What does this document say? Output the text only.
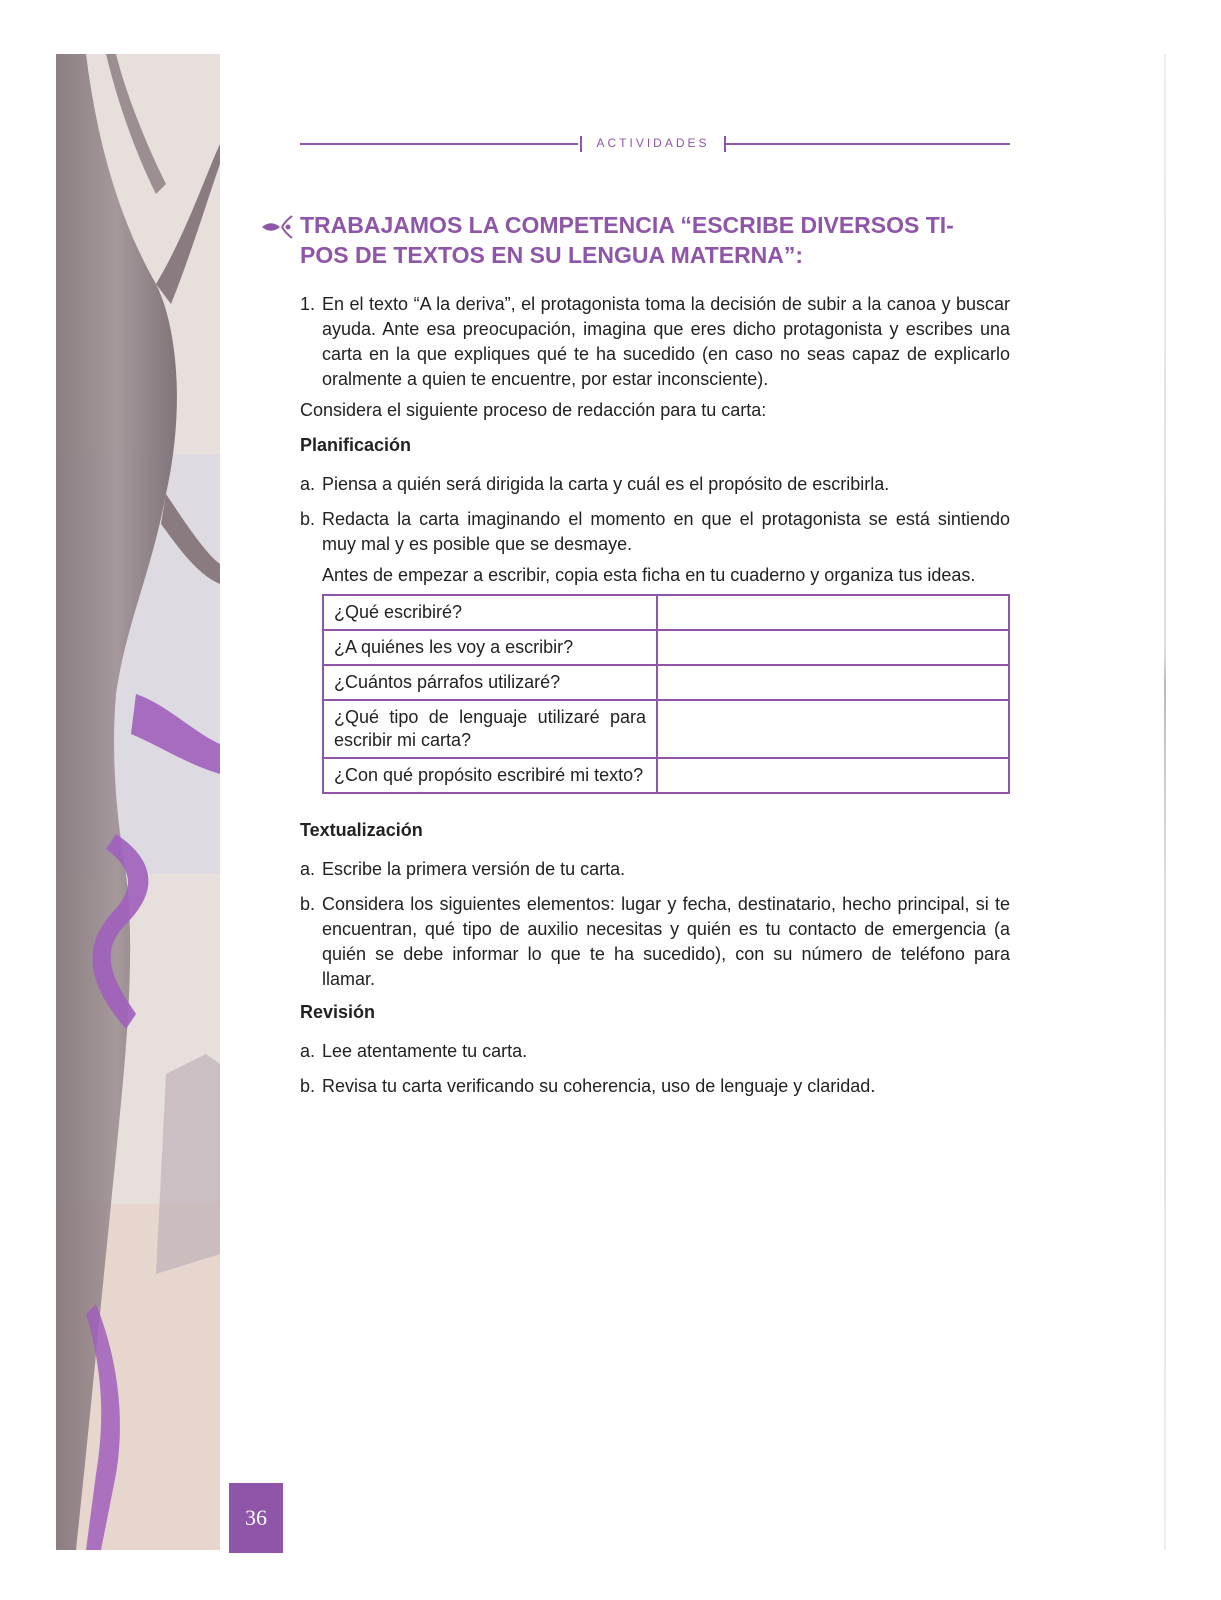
ACTIVIDADES
TRABAJAMOS LA COMPETENCIA “ESCRIBE DIVERSOS TI-
POS DE TEXTOS EN SU LENGUA MATERNA”:

1. En el texto “A la deriva”, el protagonista toma la decisión de subir a la canoa y buscar ayuda. Ante esa preocupación, imagina que eres dicho protagonista y escribes una carta en la que expliques qué te ha sucedido (en caso no seas capaz de explicarlo oralmente a quien te encuentre, por estar inconsciente).

Considera el siguiente proceso de redacción para tu carta:

Planificación

a. Piensa a quién será dirigida la carta y cuál es el propósito de escribirla.

b. Redacta la carta imaginando el momento en que el protagonista se está sintiendo muy mal y es posible que se desmaye.

Antes de empezar a escribir, copia esta ficha en tu cuaderno y organiza tus ideas.

¿Qué escribiré?	
¿A quiénes les voy a escribir?	
¿Cuántos párrafos utilizaré?	
¿Qué tipo de lenguaje utilizaré para escribir mi carta?	
¿Con qué propósito escribiré mi texto?	

Textualización

a. Escribe la primera versión de tu carta.

b. Considera los siguientes elementos: lugar y fecha, destinatario, hecho principal, si te encuentran, qué tipo de auxilio necesitas y quién es tu contacto de emergencia (a quién se debe informar lo que te ha sucedido), con su número de teléfono para llamar.

Revisión

a. Lee atentamente tu carta.

b. Revisa tu carta verificando su coherencia, uso de lenguaje y claridad.

36
